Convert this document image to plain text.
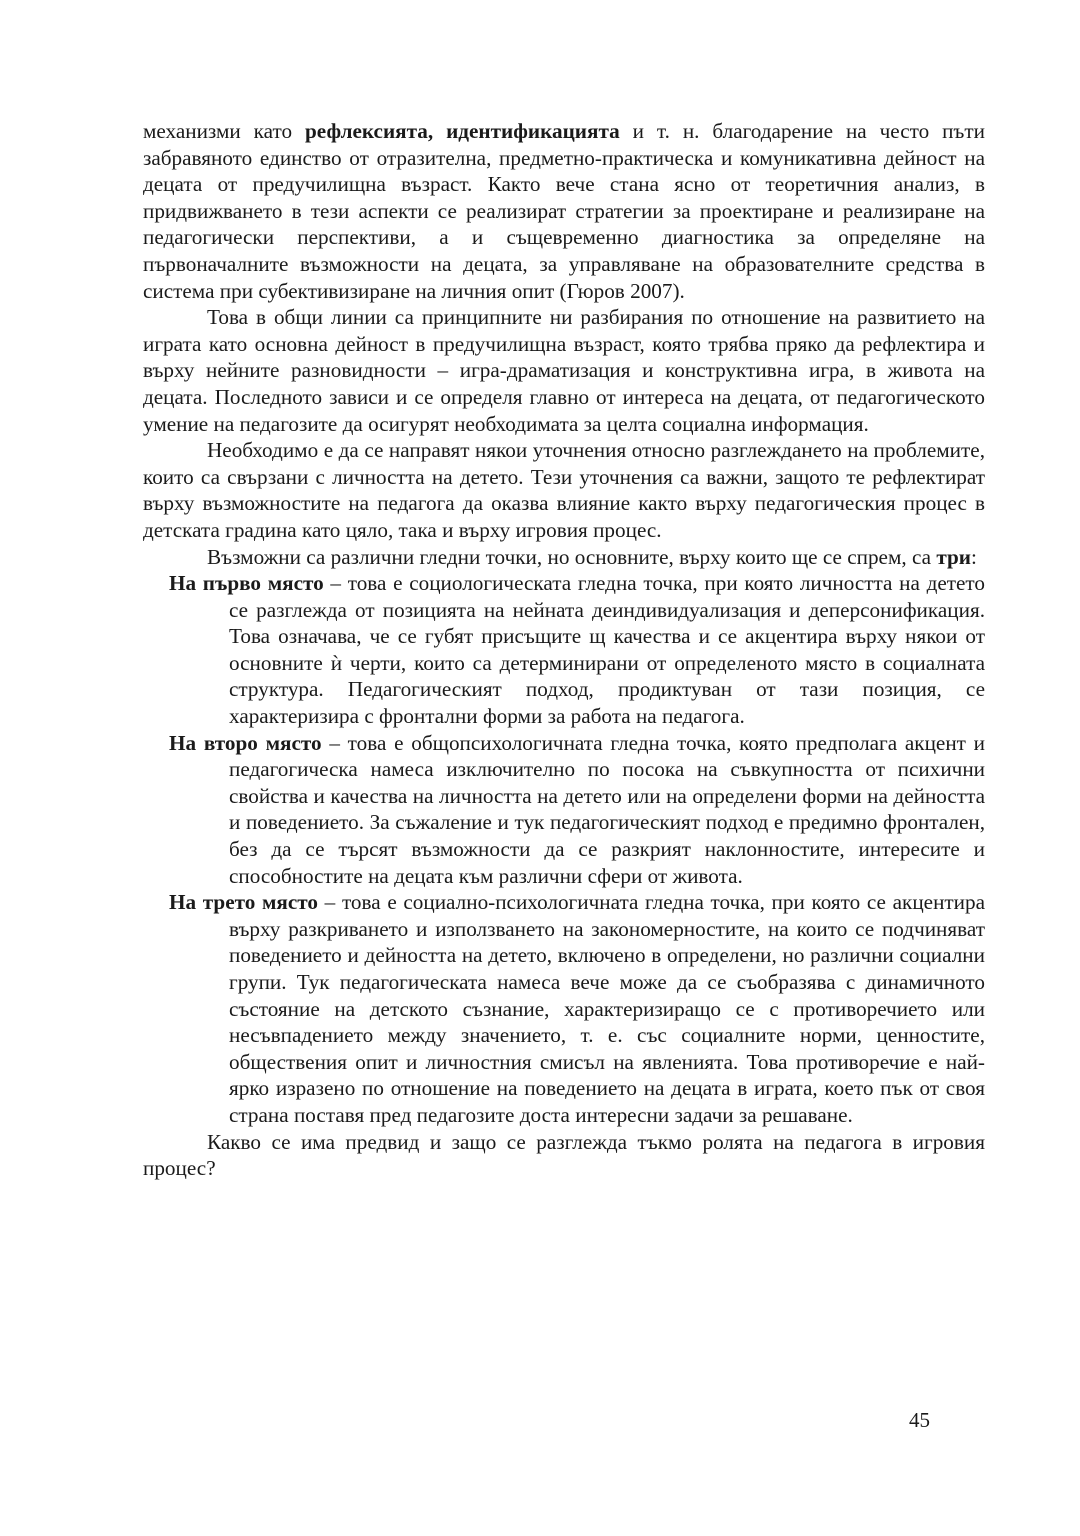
механизми като рефлексията, идентификацията и т. н. благодарение на често пъти забравяното единство от отразителна, предметно-практическа и комуникативна дейност на децата от предучилищна възраст. Както вече стана ясно от теоретичния анализ, в придвижването в тези аспекти се реализират стратегии за проектиране и реализиране на педагогически перспективи, а и същевременно диагностика за определяне на първоначалните възможности на децата, за управляване на образователните средства в система при субективизиране на личния опит (Гюров 2007).

Това в общи линии са принципните ни разбирания по отношение на развитието на играта като основна дейност в предучилищна възраст, която трябва пряко да рефлектира и върху нейните разновидности – игра-драматизация и конструктивна игра, в живота на децата. Последното зависи и се определя главно от интереса на децата, от педагогическото умение на педагозите да осигурят необходимата за целта социална информация.

Необходимо е да се направят някои уточнения относно разглеждането на проблемите, които са свързани с личността на детето. Тези уточнения са важни, защото те рефлектират върху възможностите на педагога да оказва влияние както върху педагогическия процес в детската градина като цяло, така и върху игровия процес.

Възможни са различни гледни точки, но основните, върху които ще се спрем, са три:

На първо място – това е социологическата гледна точка, при която личността на детето се разглежда от позицията на нейната деиндивидуализация и деперсонификация. Това означава, че се губят присъщите щ качества и се акцентира върху някои от основните ѝ черти, които са детерминирани от определеното място в социалната структура. Педагогическият подход, продиктуван от тази позиция, се характеризира с фронтални форми за работа на педагога.

На второ място – това е общопсихологичната гледна точка, която предполага акцент и педагогическа намеса изключително по посока на съвкупността от психични свойства и качества на личността на детето или на определени форми на дейността и поведението. За съжаление и тук педагогическият подход е предимно фронтален, без да се търсят възможности да се разкрият наклонностите, интересите и способностите на децата към различни сфери от живота.

На трето място – това е социално-психологичната гледна точка, при която се акцентира върху разкриването и използването на закономерностите, на които се подчиняват поведението и дейността на детето, включено в определени, но различни социални групи. Тук педагогическата намеса вече може да се съобразява с динамичното състояние на детското съзнание, характеризиращо се с противоречието или несъвпадението между значението, т. е. със социалните норми, ценностите, обществения опит и личностния смисъл на явленията. Това противоречие е най-ярко изразено по отношение на поведението на децата в играта, което пък от своя страна поставя пред педагозите доста интересни задачи за решаване.

Какво се има предвид и защо се разглежда тъкмо ролята на педагога в игровия процес?

45
